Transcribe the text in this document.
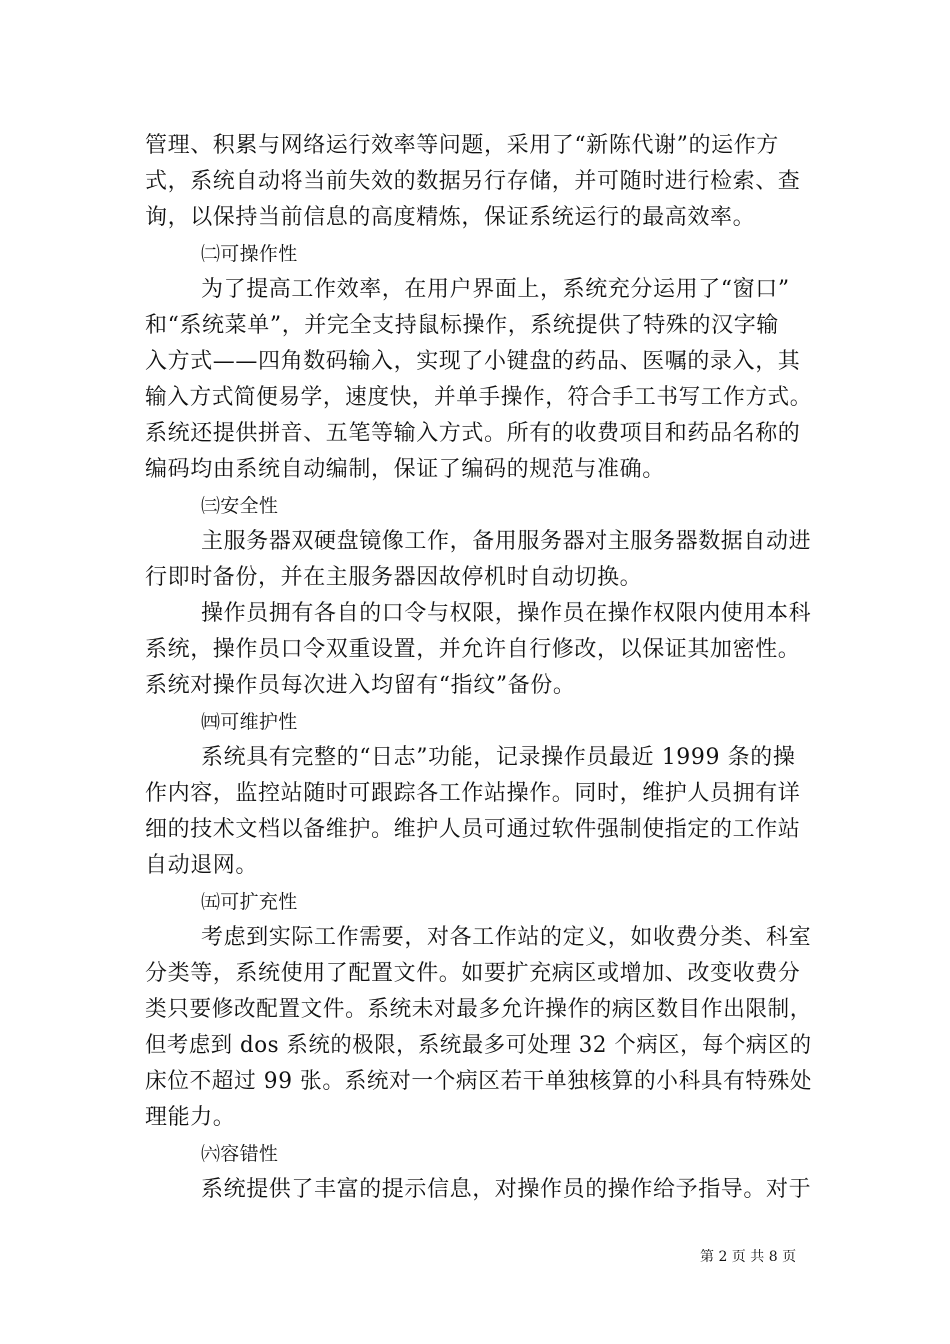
管理、积累与网络运行效率等问题，采用了“新陈代谢”的运作方
式，系统自动将当前失效的数据另行存储，并可随时进行检索、查
询，以保持当前信息的高度精炼，保证系统运行的最高效率。
㈡可操作性
为了提高工作效率，在用户界面上，系统充分运用了“窗口”
和“系统菜单”，并完全支持鼠标操作，系统提供了特殊的汉字输
入方式——四角数码输入，实现了小键盘的药品、医嘱的录入，其
输入方式简便易学，速度快，并单手操作，符合手工书写工作方式。
系统还提供拼音、五笔等输入方式。所有的收费项目和药品名称的
编码均由系统自动编制，保证了编码的规范与准确。
㈢安全性
主服务器双硬盘镜像工作，备用服务器对主服务器数据自动进
行即时备份，并在主服务器因故停机时自动切换。
操作员拥有各自的口令与权限，操作员在操作权限内使用本科
系统，操作员口令双重设置，并允许自行修改，以保证其加密性。
系统对操作员每次进入均留有“指纹”备份。
㈣可维护性
系统具有完整的“日志”功能，记录操作员最近 1999 条的操
作内容，监控站随时可跟踪各工作站操作。同时，维护人员拥有详
细的技术文档以备维护。维护人员可通过软件强制使指定的工作站
自动退网。
㈤可扩充性
考虑到实际工作需要，对各工作站的定义，如收费分类、科室
分类等，系统使用了配置文件。如要扩充病区或增加、改变收费分
类只要修改配置文件。系统未对最多允许操作的病区数目作出限制，
但考虑到 dos 系统的极限，系统最多可处理 32 个病区，每个病区的
床位不超过 99 张。系统对一个病区若干单独核算的小科具有特殊处
理能力。
㈥容错性
系统提供了丰富的提示信息，对操作员的操作给予指导。对于
第 2 页 共 8 页
